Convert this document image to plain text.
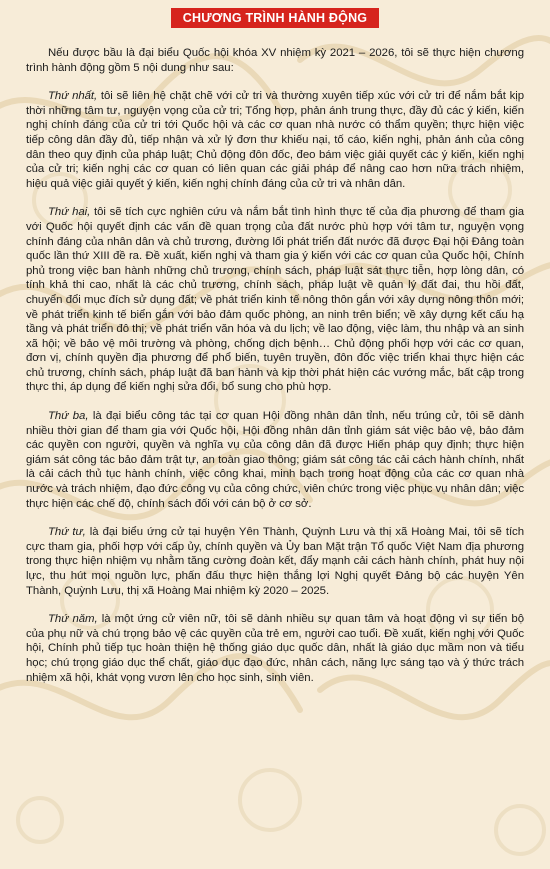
CHƯƠNG TRÌNH HÀNH ĐỘNG

Nếu được bầu là đại biểu Quốc hội khóa XV nhiệm kỳ 2021 – 2026, tôi sẽ thực hiện chương trình hành động gồm 5 nội dung như sau:

Thứ nhất, tôi sẽ liên hệ chặt chẽ với cử tri và thường xuyên tiếp xúc với cử tri để nắm bắt kịp thời những tâm tư, nguyện vọng của cử tri; Tổng hợp, phản ánh trung thực, đầy đủ các ý kiến, kiến nghị chính đáng của cử tri tới Quốc hội và các cơ quan nhà nước có thẩm quyền; thực hiện việc tiếp công dân đầy đủ, tiếp nhận và xử lý đơn thư khiếu nại, tố cáo, kiến nghị, phản ánh của công dân theo quy định của pháp luật; Chủ động đôn đốc, đeo bám việc giải quyết các ý kiến, kiến nghị của cử tri; kiến nghị các cơ quan có liên quan các giải pháp để nâng cao hơn nữa trách nhiệm, hiệu quả việc giải quyết ý kiến, kiến nghị chính đáng của cử tri và nhân dân.

Thứ hai, tôi sẽ tích cực nghiên cứu và nắm bắt tình hình thực tế của địa phương để tham gia với Quốc hội quyết định các vấn đề quan trọng của đất nước phù hợp với tâm tư, nguyện vọng chính đáng của nhân dân và chủ trương, đường lối phát triển đất nước đã được Đại hội Đảng toàn quốc lần thứ XIII đề ra. Đề xuất, kiến nghị và tham gia ý kiến với các cơ quan của Quốc hội, Chính phủ trong việc ban hành những chủ trương, chính sách, pháp luật sát thực tiễn, hợp lòng dân, có tính khả thi cao, nhất là các chủ trương, chính sách, pháp luật về quản lý đất đai, thu hồi đất, chuyển đổi mục đích sử dụng đất; về phát triển kinh tế nông thôn gắn với xây dựng nông thôn mới; về phát triển kinh tế biển gắn với bảo đảm quốc phòng, an ninh trên biển; về xây dựng kết cấu hạ tầng và phát triển đô thị; về phát triển văn hóa và du lịch; về lao động, việc làm, thu nhập và an sinh xã hội; về bảo vệ môi trường và phòng, chống dịch bệnh… Chủ động phối hợp với các cơ quan, đơn vị, chính quyền địa phương để phổ biến, tuyên truyền, đôn đốc việc triển khai thực hiện các chủ trương, chính sách, pháp luật đã ban hành và kịp thời phát hiện các vướng mắc, bất cập trong thực thi, áp dụng để kiến nghị sửa đổi, bổ sung cho phù hợp.

Thứ ba, là đại biểu công tác tại cơ quan Hội đồng nhân dân tỉnh, nếu trúng cử, tôi sẽ dành nhiều thời gian để tham gia với Quốc hội, Hội đồng nhân dân tỉnh giám sát việc bảo vệ, bảo đảm các quyền con người, quyền và nghĩa vụ của công dân đã được Hiến pháp quy định; thực hiện giám sát công tác bảo đảm trật tự, an toàn giao thông; giám sát công tác cải cách hành chính, nhất là cải cách thủ tục hành chính, việc công khai, minh bạch trong hoạt động của các cơ quan nhà nước và trách nhiệm, đạo đức công vụ của công chức, viên chức trong việc phục vụ nhân dân; việc thực hiện các chế độ, chính sách đối với cán bộ ở cơ sở.

Thứ tư, là đại biểu ứng cử tại huyện Yên Thành, Quỳnh Lưu và thị xã Hoàng Mai, tôi sẽ tích cực tham gia, phối hợp với cấp ủy, chính quyền và Ủy ban Mặt trận Tổ quốc Việt Nam địa phương trong thực hiện nhiệm vụ nhằm tăng cường đoàn kết, đẩy mạnh cải cách hành chính, phát huy nội lực, thu hút mọi nguồn lực, phấn đấu thực hiện thắng lợi Nghị quyết Đảng bộ các huyện Yên Thành, Quỳnh Lưu, thị xã Hoàng Mai nhiệm kỳ 2020 – 2025.

Thứ năm, là một ứng cử viên nữ, tôi sẽ dành nhiều sự quan tâm và hoạt động vì sự tiến bộ của phụ nữ và chú trọng bảo vệ các quyền của trẻ em, người cao tuổi. Đề xuất, kiến nghị với Quốc hội, Chính phủ tiếp tục hoàn thiện hệ thống giáo dục quốc dân, nhất là giáo dục mầm non và tiểu học; chú trọng giáo dục thể chất, giáo dục đạo đức, nhân cách, năng lực sáng tạo và ý thức trách nhiệm xã hội, khát vọng vươn lên cho học sinh, sinh viên.
